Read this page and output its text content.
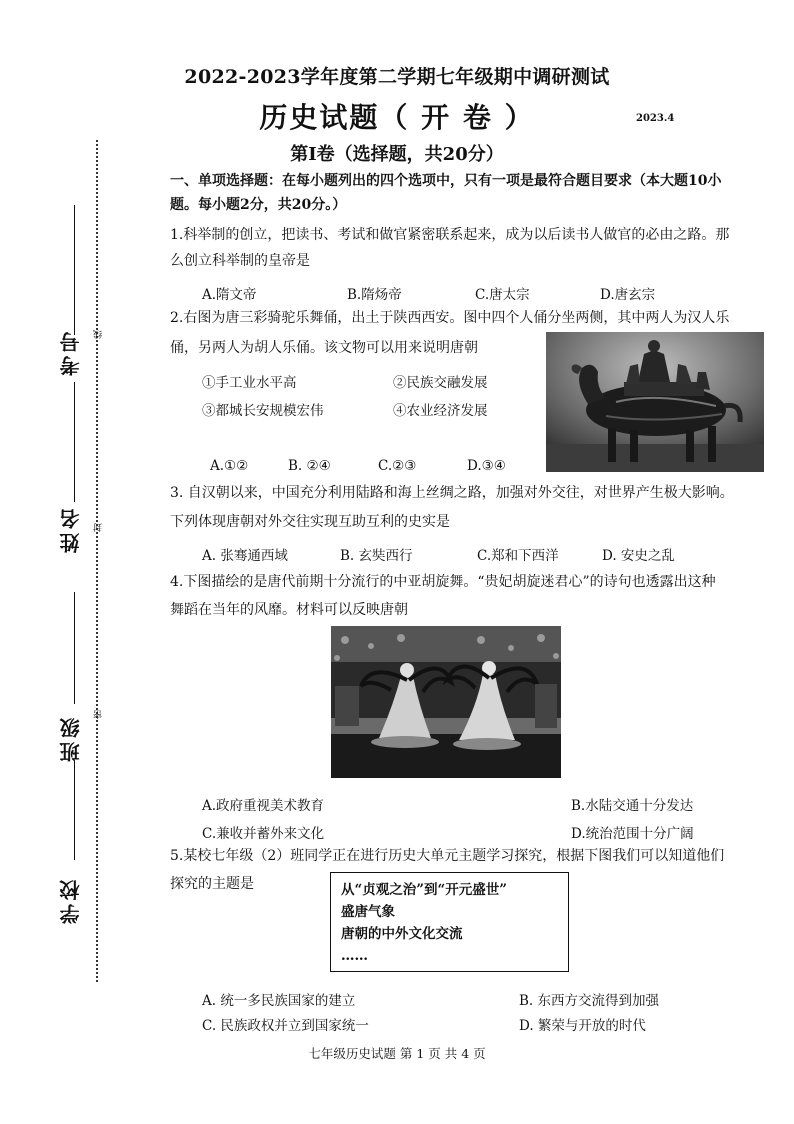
考号
姓名
班级
学校
线
封
密
2022-2023学年度第二学期七年级期中调研测试
历史试题（ 开 卷 ）	2023.4
第Ⅰ卷（选择题，共20分）
一、单项选择题：在每小题列出的四个选项中，只有一项是最符合题目要求（本大题10小
题。每小题2分，共20分。）
1.科举制的创立，把读书、考试和做官紧密联系起来，成为以后读书人做官的必由之路。那
么创立科举制的皇帝是
A.隋文帝	B.隋炀帝	C.唐太宗	D.唐玄宗
2.右图为唐三彩骑驼乐舞俑，出土于陕西西安。图中四个人俑分坐两侧，其中两人为汉人乐
俑，另两人为胡人乐俑。该文物可以用来说明唐朝
①手工业水平高	②民族交融发展
③都城长安规模宏伟	④农业经济发展
A.①②	B. ②④	C.②③	D.③④
3. 自汉朝以来，中国充分利用陆路和海上丝绸之路，加强对外交往，对世界产生极大影响。
下列体现唐朝对外交往实现互助互利的史实是
A. 张骞通西域	B. 玄奘西行	C.郑和下西洋	D. 安史之乱
4.下图描绘的是唐代前期十分流行的中亚胡旋舞。“贵妃胡旋迷君心”的诗句也透露出这种
舞蹈在当年的风靡。材料可以反映唐朝
A.政府重视美术教育	B.水陆交通十分发达
C.兼收并蓄外来文化	D.统治范围十分广阔
5.某校七年级（2）班同学正在进行历史大单元主题学习探究，根据下图我们可以知道他们
探究的主题是	从“贞观之治”到“开元盛世”
盛唐气象
唐朝的中外文化交流
……
A. 统一多民族国家的建立	B. 东西方交流得到加强
C. 民族政权并立到国家统一	D. 繁荣与开放的时代
七年级历史试题 第 1 页 共 4 页
